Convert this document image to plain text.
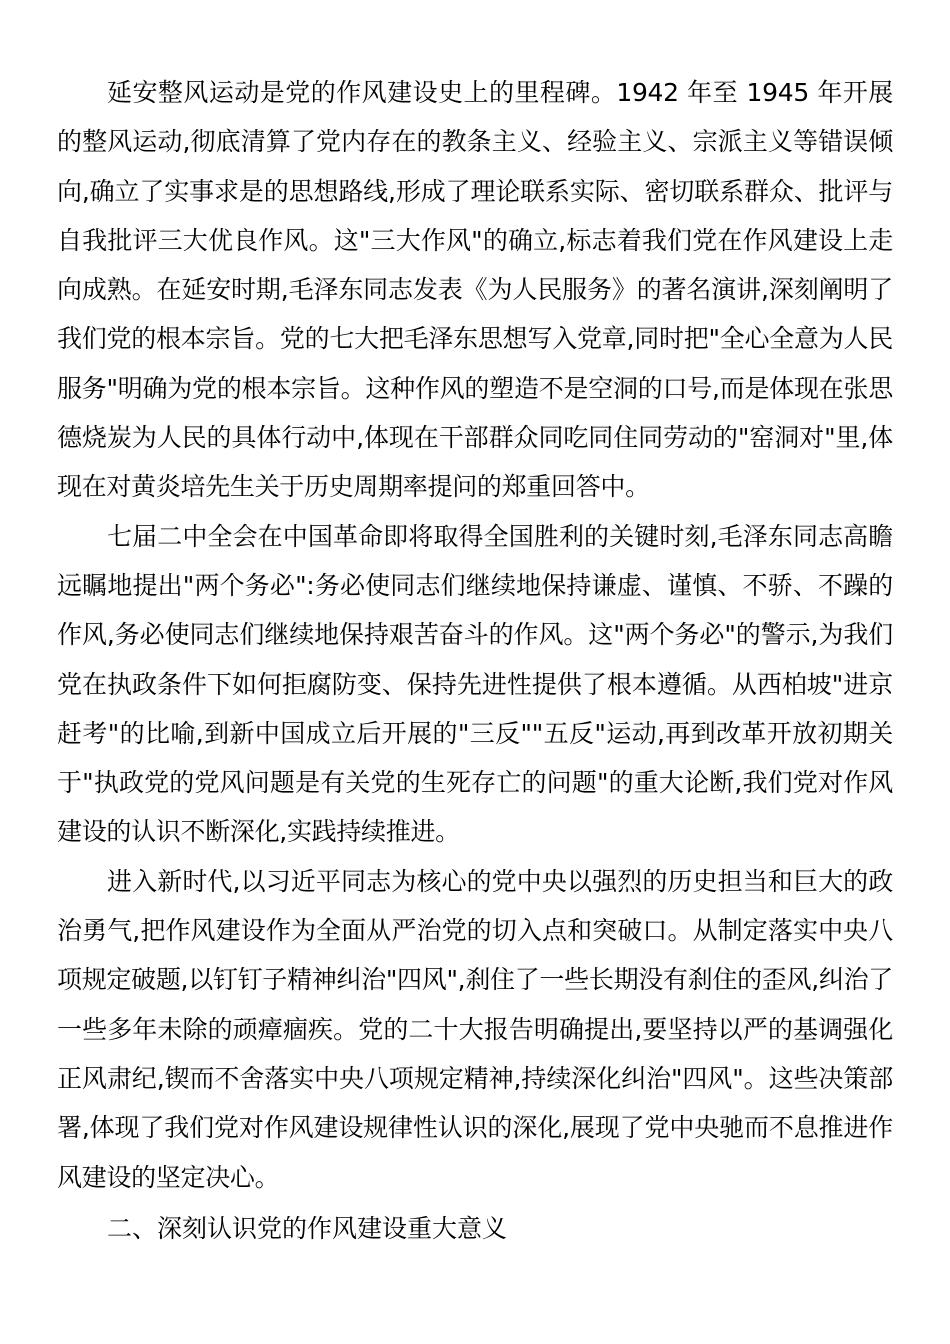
延安整风运动是党的作风建设史上的里程碑。1942 年至 1945 年开展的整风运动,彻底清算了党内存在的教条主义、经验主义、宗派主义等错误倾向,确立了实事求是的思想路线,形成了理论联系实际、密切联系群众、批评与自我批评三大优良作风。这"三大作风"的确立,标志着我们党在作风建设上走向成熟。在延安时期,毛泽东同志发表《为人民服务》的著名演讲,深刻阐明了我们党的根本宗旨。党的七大把毛泽东思想写入党章,同时把"全心全意为人民服务"明确为党的根本宗旨。这种作风的塑造不是空洞的口号,而是体现在张思德烧炭为人民的具体行动中,体现在干部群众同吃同住同劳动的"窑洞对"里,体现在对黄炎培先生关于历史周期率提问的郑重回答中。

七届二中全会在中国革命即将取得全国胜利的关键时刻,毛泽东同志高瞻远瞩地提出"两个务必":务必使同志们继续地保持谦虚、谨慎、不骄、不躁的作风,务必使同志们继续地保持艰苦奋斗的作风。这"两个务必"的警示,为我们党在执政条件下如何拒腐防变、保持先进性提供了根本遵循。从西柏坡"进京赶考"的比喻,到新中国成立后开展的"三反""五反"运动,再到改革开放初期关于"执政党的党风问题是有关党的生死存亡的问题"的重大论断,我们党对作风建设的认识不断深化,实践持续推进。

进入新时代,以习近平同志为核心的党中央以强烈的历史担当和巨大的政治勇气,把作风建设作为全面从严治党的切入点和突破口。从制定落实中央八项规定破题,以钉钉子精神纠治"四风",刹住了一些长期没有刹住的歪风,纠治了一些多年未除的顽瘴痼疾。党的二十大报告明确提出,要坚持以严的基调强化正风肃纪,锲而不舍落实中央八项规定精神,持续深化纠治"四风"。这些决策部署,体现了我们党对作风建设规律性认识的深化,展现了党中央驰而不息推进作风建设的坚定决心。

二、深刻认识党的作风建设重大意义
